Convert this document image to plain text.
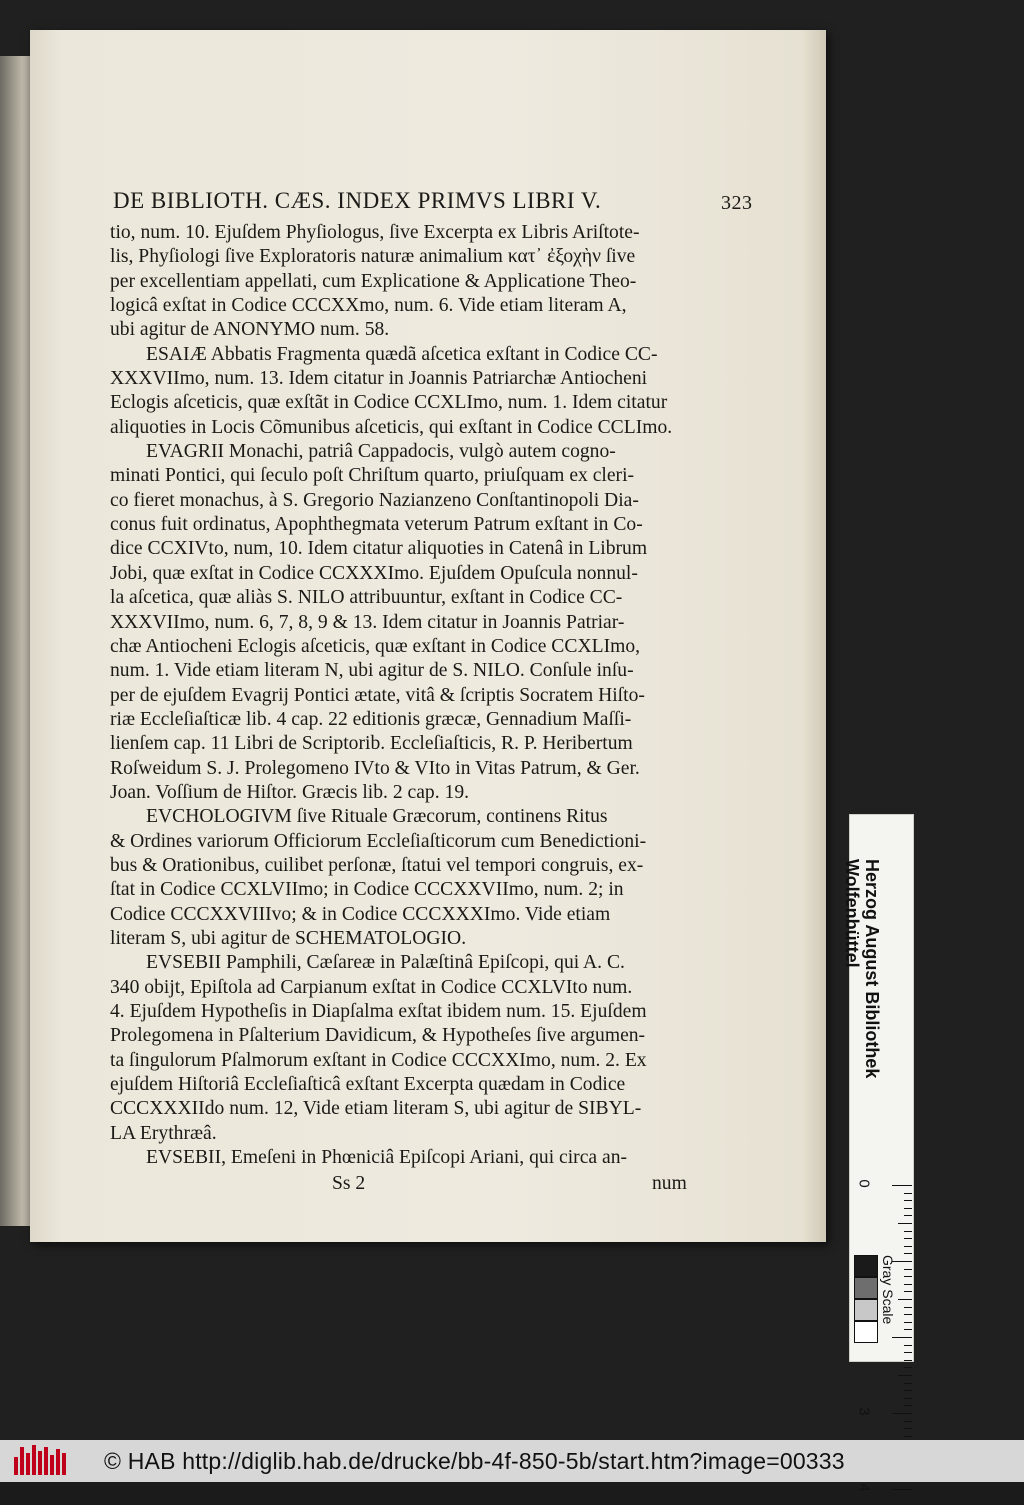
DE BIBLIOTH. CÆS. INDEX PRIMVS LIBRI V.	323
tio, num. 10. Ejuſdem Phyſiologus, ſive Excerpta ex Libris Ariſtote-
lis, Phyſiologi ſive Exploratoris naturæ animalium κατ᾽ ἐξοχὴν ſive
per excellentiam appellati, cum Explicatione & Applicatione Theo-
logicâ exſtat in Codice CCCXXmo, num. 6. Vide etiam literam A,
ubi agitur de ANONYMO num. 58.
ESAIÆ Abbatis Fragmenta quædã aſcetica exſtant in Codice CC-
XXXVIImo, num. 13. Idem citatur in Joannis Patriarchæ Antiocheni
Eclogis aſceticis, quæ exſtãt in Codice CCXLImo, num. 1. Idem citatur
aliquoties in Locis Cõmunibus aſceticis, qui exſtant in Codice CCLImo.
EVAGRII Monachi, patriâ Cappadocis, vulgò autem cogno-
minati Pontici, qui ſeculo poſt Chriſtum quarto, priuſquam ex cleri-
co fieret monachus, à S. Gregorio Nazianzeno Conſtantinopoli Dia-
conus fuit ordinatus, Apophthegmata veterum Patrum exſtant in Co-
dice CCXIVto, num, 10. Idem citatur aliquoties in Catenâ in Librum
Jobi, quæ exſtat in Codice CCXXXImo. Ejuſdem Opuſcula nonnul-
la aſcetica, quæ aliàs S. NILO attribuuntur, exſtant in Codice CC-
XXXVIImo, num. 6, 7, 8, 9 & 13. Idem citatur in Joannis Patriar-
chæ Antiocheni Eclogis aſceticis, quæ exſtant in Codice CCXLImo,
num. 1. Vide etiam literam N, ubi agitur de S. NILO. Conſule inſu-
per de ejuſdem Evagrij Pontici ætate, vitâ & ſcriptis Socratem Hiſto-
riæ Eccleſiaſticæ lib. 4 cap. 22 editionis græcæ, Gennadium Maſſi-
lienſem cap. 11 Libri de Scriptorib. Eccleſiaſticis, R. P. Heribertum
Roſweidum S. J. Prolegomeno IVto & VIto in Vitas Patrum, & Ger.
Joan. Voſſium de Hiſtor. Græcis lib. 2 cap. 19.
EVCHOLOGIVM ſive Rituale Græcorum, continens Ritus
& Ordines variorum Officiorum Eccleſiaſticorum cum Benedictioni-
bus & Orationibus, cuilibet perſonæ, ſtatui vel tempori congruis, ex-
ſtat in Codice CCXLVIImo; in Codice CCCXXVIImo, num. 2; in
Codice CCCXXVIIIvo; & in Codice CCCXXXImo. Vide etiam
literam S, ubi agitur de SCHEMATOLOGIO.
EVSEBII Pamphili, Cæſareæ in Palæſtinâ Epiſcopi, qui A. C.
340 obijt, Epiſtola ad Carpianum exſtat in Codice CCXLVIto num.
4. Ejuſdem Hypotheſis in Diapſalma exſtat ibidem num. 15. Ejuſdem
Prolegomena in Pſalterium Davidicum, & Hypotheſes ſive argumen-
ta ſingulorum Pſalmorum exſtant in Codice CCCXXImo, num. 2. Ex
ejuſdem Hiſtoriâ Eccleſiaſticâ exſtant Excerpta quædam in Codice
CCCXXXIIdo num. 12, Vide etiam literam S, ubi agitur de SIBYL-
LA Erythræâ.
EVSEBII, Emeſeni in Phœniciâ Epiſcopi Ariani, qui circa an-
Ss 2	num
Herzog August Bibliothek
Wolfenbüttel
0
3
4
Gray Scale
© HAB http://diglib.hab.de/drucke/bb-4f-850-5b/start.htm?image=00333
